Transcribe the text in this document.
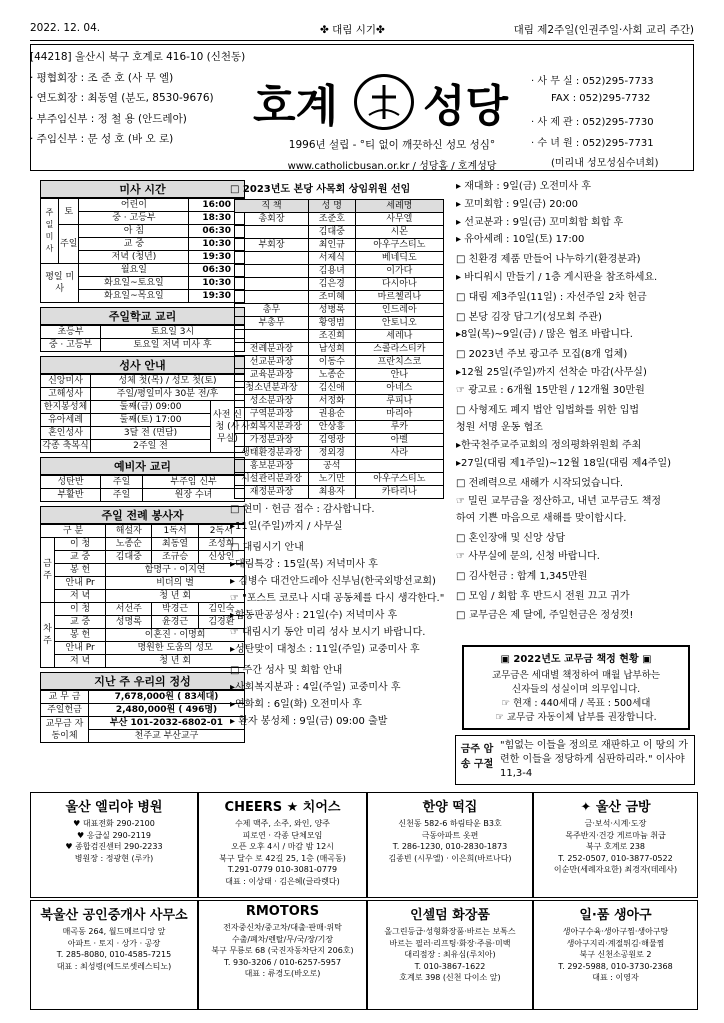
2022. 12. 04.	✤ 대림 시기✤	대림 제2주일(인권주일·사회 교리 주간)
[44218] 울산시 북구 호계로 416-10 (신천동)
· 평협회장 : 조 준 호 (사 무 엘)
· 연도회장 : 최동열 (분도, 8530-9676)
· 부주임신부 : 정 철 용 (안드레아)
· 주임신부 : 문 성 호 (바 오 로)
호계 성당
1996년 설립 - °티 없이 깨끗하신 성모 성심°
www.catholicbusan.or.kr / 성당홈 / 호계성당
· 사 무 실 : 052)295-7733
FAX : 052)295-7732
· 사 제 관 : 052)295-7730
· 수 녀 원 : 052)295-7731
(미리내 성모성심수녀회)
미사 시간
주일미사	토	어린이	16:00
		중 · 고등부	18:30
	주일	아 침	06:30
		교 중	10:30
		저녁 (청년)	19:30
평일 미사		월요일	06:30
		화요일~토요일	10:30
		화요일~목요일	19:30
주일학교 교리
초등부	토요일 3시
중 · 고등부	토요일 저녁 미사 후
성사 안내
신앙미사	성체 첫(목) / 성모 첫(토)	
고해성사	주일/평일미사 30분 전/후	
한지봉성체	둘째(금) 09:00	사전 신청 (사무실)
유아세례	둘째(토) 17:00	
혼인성사	3달 전 (면담)	
각종 축복식	2주일 전	
예비자 교리
성탄반	주일	부주임 신부
부활반	주일	원장 수녀
주일 전례 봉사자
구 분		해설자	1독서	2독서
금주	이 청	노종순	최동열	조성희
	교 중	김대중	조규승	신상인
	봉 헌	함명구 · 이지연		
	안내 Pr	비더의 별		
	저 녁	청 년 회		
차주	이 청	서선주	박경근	김인숙
	교 중	성명록	윤경근	김경환
	봉 헌	이혼진 · 이명희		
	안내 Pr	명원한 도움의 성모		
	저 녁	청 년 회		
지난 주 우리의 정성
교 무 금	7,678,000원 ( 83세대)
주일헌금	2,480,000원 ( 496명)
교무금 자동이체	부산 101-2032-6802-01
	천주교 부산교구
□ 2023년도 본당 사목회 상임위원 선임
직 책	성 명	세례명
총회장	조준호	사무엘
	김대중	시몬
부회장	최인규	아우구스티노
	서제식	베네딕도
	김용녀	이가다
	김은경	다시아나
	조미혜	마르첼리나
총무	성병록	인드레아
부총무	황영범	안토니오
	조진희	세레나
전례분과장	남성희	스콜라스티카
선교분과장	이동수	프란치스코
교육분과장	노종순	안나
청소년분과장	김신애	아네스
성소분과장	서정화	루피나
구역분과장	권용순	마리아
사회복지분과장	안상흥	루카
가정분과장	김영광	아벨
생태환경분과장	정외경	사라
홍보분과장	공석	
시설관리분과장	노기만	아우구스티노
재정분과장	최용자	카타리나
□ 현미 · 헌금 접수 : 감사합니다.
▸11일(주일)까지 / 사무실
□ 대림시기 안내
▸대림특강 : 15일(목) 저녁미사 후
▸ 김병수 대건안드레아 신부님(한국외방선교회)
☞ "포스트 코로나 시대 공동체를 다시 생각한다."
▸합동판공성사 : 21일(수) 저녁미사 후
☞ 대림시기 동안 미리 성사 보시기 바랍니다.
▸성탄맞이 대청소 : 11일(주일) 교중미사 후
□ 주간 성사 및 회합 안내
▸사회복지분과 : 4일(주일) 교중미사 후
▸연화회 : 6일(화) 오전미사 후
▸ 환자 봉성체 : 9일(금) 09:00 출발
▸ 재대화 : 9일(금) 오전미사 후
▸ 꼬미회합 : 9일(금) 20:00
▸ 선교분과 : 9일(금) 꼬미회합 회합 후
▸ 유아세례 : 10일(토) 17:00
□ 친환경 제품 만들어 나누하기(환경분과)
▸ 바디워시 만들기 / 1층 게시판을 참조하세요.
□ 대림 제3주일(11일) : 자선주일 2차 헌금
□ 본당 김장 담그기(성모회 주관)
▸8일(목)~9일(금) / 많은 협조 바랍니다.
□ 2023년 주보 광고주 모집(8개 업체)
▸12월 25일(주일)까지 선착순 마감(사무실)
☞ 광고료 : 6개월 15만원 / 12개월 30만원
□ 사형제도 폐지 법안 입법화를 위한 입법
청원 서명 운동 협조
▸한국천주교주교회의 정의평화위원회 주최
▸27일(대림 제1주일)~12월 18일(대림 제4주일)
□ 전례력으로 새해가 시작되었습니다.
☞ 밀린 교무금을 정산하고, 내년 교무금도 책정
하여 기쁜 마음으로 새해를 맞이합시다.
□ 혼인장애 및 신앙 상담
☞ 사무실에 문의, 신청 바랍니다.
□ 김사헌금 : 합계 1,345만원
□ 모임 / 회합 후 반드시 전원 끄고 귀가
□ 교무금은 제 달에, 주일헌금은 정성껏!
▣ 2022년도 교무금 책정 현황 ▣
교무금은 세대별 책정하여 매월 납부하는
신자들의 성실이며 의무입니다.
☞ 현재 : 440세대 / 목표 : 500세대
☞ 교무금 자동이체 납부를 권장합니다.
금주 암송 구절
"힘없는 이들을 정의로 재판하고 이 땅의 가련한 이들을 정당하게 심판하리라." 이사야 11,3-4
울산 엘리야 병원
♥ 대표전화 290-2100
♥ 응급실 290-2119
♥ 종합검진센터 290-2233
병원장 : 정광현 (루카)
CHEERS ★ 치어스
수제 맥주, 소주, 와인, 양주
피로연 · 각종 단체모임
오픈 오후 4시 / 마감 밤 12시
북구 달수 로 42길 25, 1층 (매곡동)
T.291-0779 010-3081-0779
대표 : 이상태 · 김은혜(글라렛다)
한양 떡집
신천동 582-6 하림타운 B3호
극동아파트 옷편
T. 286-1230, 010-2830-1873
김종빈 (시무엘) · 이은희(바르나다)
✦ 울산 금방
금·보석·시계·도장
목주반지·건강 게르마늄 취급
북구 호계로 238
T. 252-0507, 010-3877-0522
이순만(세례자요한) 최경자(데레사)
북울산 공인중개사 사무소
매곡동 264, 월드메르디앙 앞
아파트 · 토지 · 상가 · 공장
T. 285-8080, 010-4585-7215
대표 : 최성령(에드로셋레스티노)
RMOTORS
전자중신차/중고차/대출·판매·위탁
수출/폐차/렌탈/무/국/장/기장
북구 무룡로 68 (국진자동차단지 206호)
T. 930-3206 / 010-6257-5957
대표 : 류경도(바오로)
인셀덤 화장품
올그린등급·성형화장품·바르는 보톡스
바르는 필러·리프팅·화장·주름·미백
대리점장 : 최유심(루치아)
T. 010-3867-1622
호계로 398 (신천 다이소 앞)
일·품 생아구
생아구수육·생아구찜·생아구탕
생아구지리·계절튀김·해물찜
북구 신천소공원로 2
T. 292-5988, 010-3730-2368
대표 : 이영자
